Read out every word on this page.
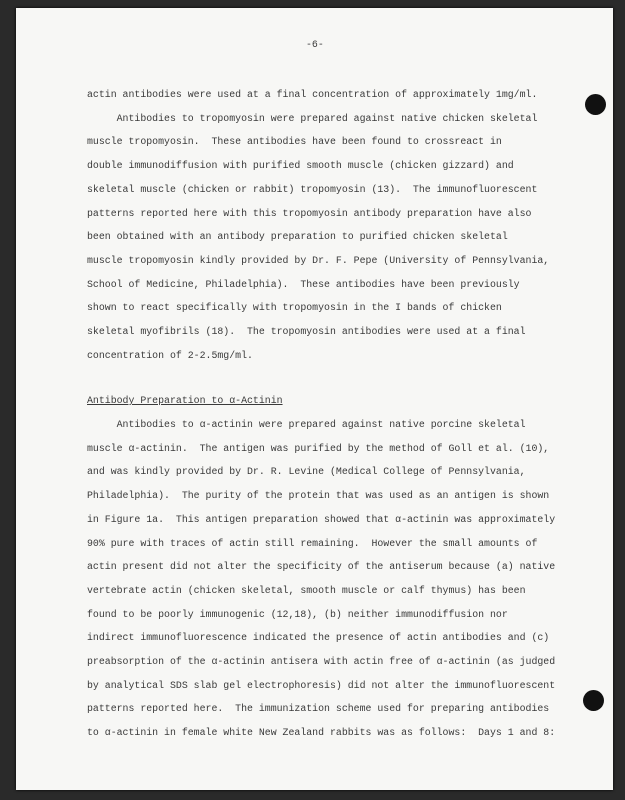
-6-
actin antibodies were used at a final concentration of approximately 1mg/ml.
Antibodies to tropomyosin were prepared against native chicken skeletal
muscle tropomyosin.  These antibodies have been found to crossreact in
double immunodiffusion with purified smooth muscle (chicken gizzard) and
skeletal muscle (chicken or rabbit) tropomyosin (13).  The immunofluorescent
patterns reported here with this tropomyosin antibody preparation have also
been obtained with an antibody preparation to purified chicken skeletal
muscle tropomyosin kindly provided by Dr. F. Pepe (University of Pennsylvania,
School of Medicine, Philadelphia).  These antibodies have been previously
shown to react specifically with tropomyosin in the I bands of chicken
skeletal myofibrils (18).  The tropomyosin antibodies were used at a final
concentration of 2-2.5mg/ml.
Antibody Preparation to α-Actinin
Antibodies to α-actinin were prepared against native porcine skeletal
muscle α-actinin.  The antigen was purified by the method of Goll et al. (10),
and was kindly provided by Dr. R. Levine (Medical College of Pennsylvania,
Philadelphia).  The purity of the protein that was used as an antigen is shown
in Figure 1a.  This antigen preparation showed that α-actinin was approximately
90% pure with traces of actin still remaining.  However the small amounts of
actin present did not alter the specificity of the antiserum because (a) native
vertebrate actin (chicken skeletal, smooth muscle or calf thymus) has been
found to be poorly immunogenic (12,18), (b) neither immunodiffusion nor
indirect immunofluorescence indicated the presence of actin antibodies and (c)
preabsorption of the α-actinin antisera with actin free of α-actinin (as judged
by analytical SDS slab gel electrophoresis) did not alter the immunofluorescent
patterns reported here.  The immunization scheme used for preparing antibodies
to α-actinin in female white New Zealand rabbits was as follows:  Days 1 and 8:
